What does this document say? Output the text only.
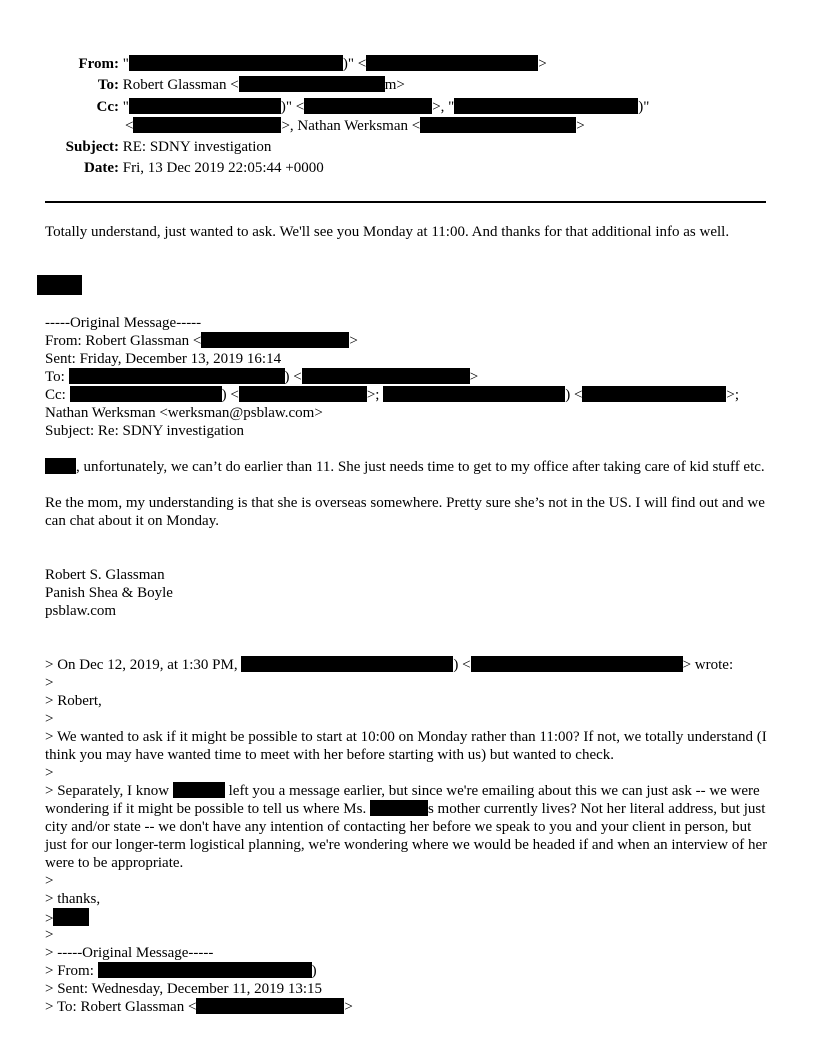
From: "	)" <	>
To: Robert Glassman <	m>
Cc: "	)" <	>, "	)"
<	>, Nathan Werksman <	>
Subject: RE: SDNY investigation
Date: Fri, 13 Dec 2019 22:05:44 +0000
Totally understand, just wanted to ask. We'll see you Monday at 11:00. And thanks for that additional info as well.
-----Original Message-----
From: Robert Glassman <	>
Sent: Friday, December 13, 2019 16:14
To:	) <	>
Cc:	) <	>;	) <	>;
Nathan Werksman <werksman@psblaw.com>
Subject: Re: SDNY investigation
, unfortunately, we can’t do earlier than 11. She just needs time to get to my office after taking care of kid stuff etc.
Re the mom, my understanding is that she is overseas somewhere. Pretty sure she’s not in the US. I will find out and we can chat about it on Monday.
Robert S. Glassman
Panish Shea & Boyle
psblaw.com
> On Dec 12, 2019, at 1:30 PM,	) <	> wrote:
>
> Robert,
>
> We wanted to ask if it might be possible to start at 10:00 on Monday rather than 11:00? If not, we totally understand (I think you may have wanted time to meet with her before starting with us) but wanted to check.
>
> Separately, I know	left you a message earlier, but since we're emailing about this we can just ask -- we were wondering if it might be possible to tell us where Ms.	s mother currently lives? Not her literal address, but just city and/or state -- we don't have any intention of contacting her before we speak to you and your client in person, but just for our longer-term logistical planning, we're wondering where we would be headed if and when an interview of her were to be appropriate.
>
> thanks,
>
>
> -----Original Message-----
> From:	)
> Sent: Wednesday, December 11, 2019 13:15
> To: Robert Glassman <	>
